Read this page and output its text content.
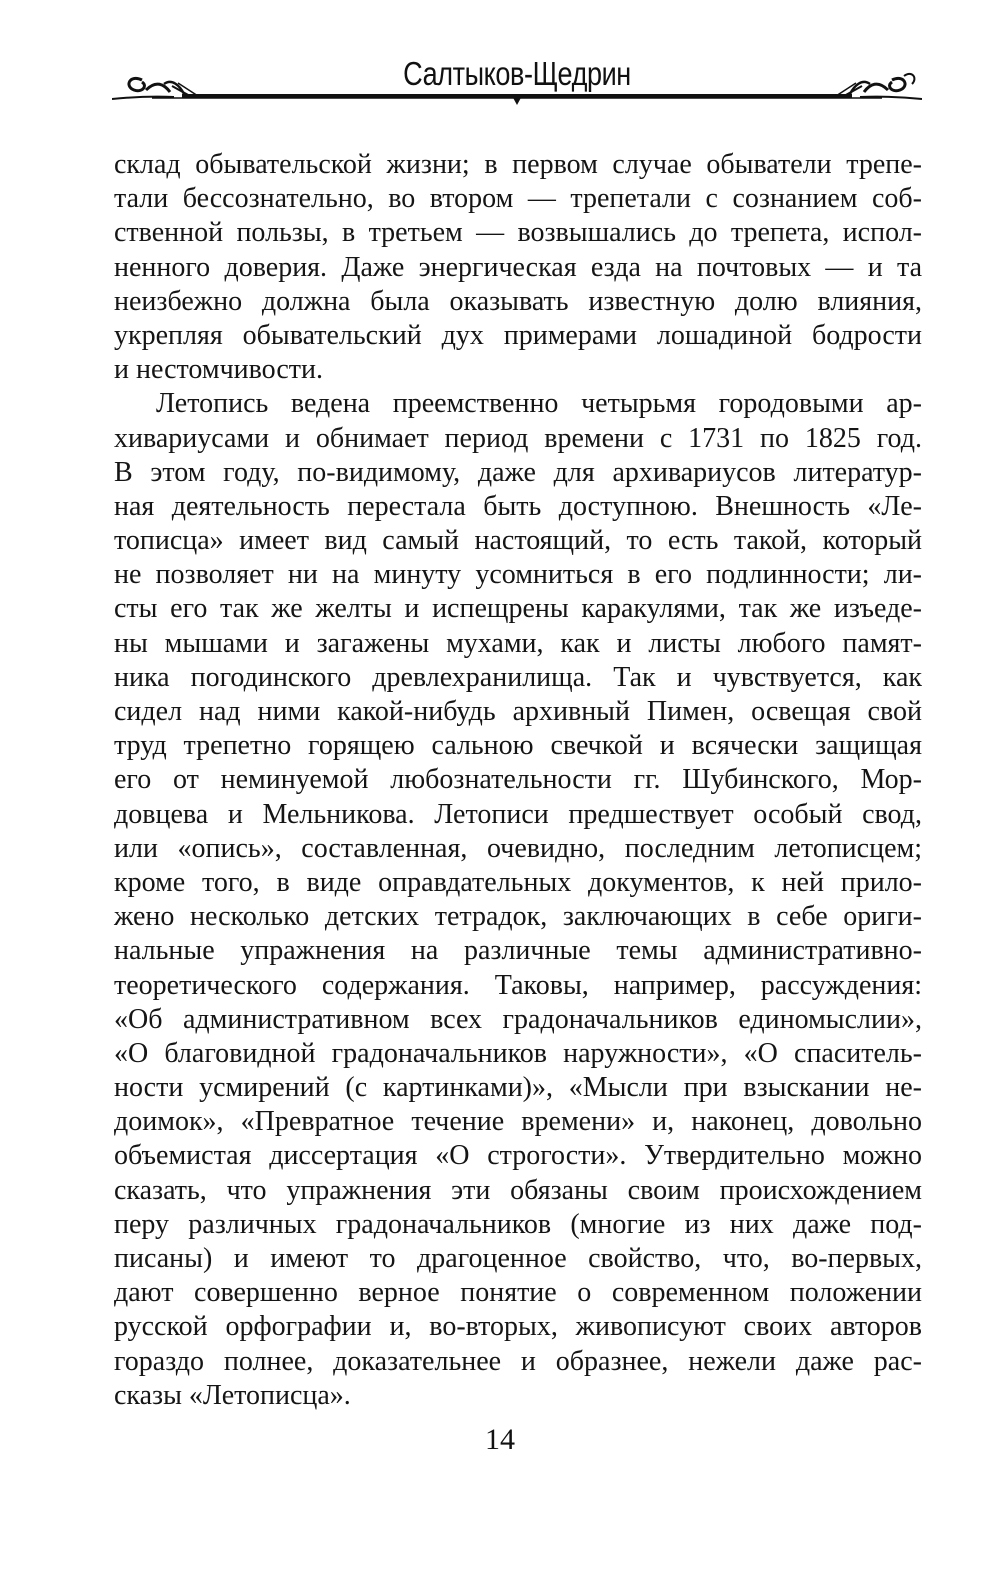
Салтыков-Щедрин
склад обывательской жизни; в первом случае обыватели трепе-
тали бессознательно, во втором — трепетали с сознанием соб-
ственной пользы, в третьем — возвышались до трепета, испол-
ненного доверия. Даже энергическая езда на почтовых — и та
неизбежно должна была оказывать известную долю влияния,
укрепляя обывательский дух примерами лошадиной бодрости
и нестомчивости.
Летопись ведена преемственно четырьмя городовыми ар-
хивариусами и обнимает период времени с 1731 по 1825 год.
В этом году, по-видимому, даже для архивариусов литератур-
ная деятельность перестала быть доступною. Внешность «Ле-
тописца» имеет вид самый настоящий, то есть такой, который
не позволяет ни на минуту усомниться в его подлинности; ли-
сты его так же желты и испещрены каракулями, так же изъеде-
ны мышами и загажены мухами, как и листы любого памят-
ника погодинского древлехранилища. Так и чувствуется, как
сидел над ними какой-нибудь архивный Пимен, освещая свой
труд трепетно горящею сальною свечкой и всячески защищая
его от неминуемой любознательности гг. Шубинского, Мор-
довцева и Мельникова. Летописи предшествует особый свод,
или «опись», составленная, очевидно, последним летописцем;
кроме того, в виде оправдательных документов, к ней прило-
жено несколько детских тетрадок, заключающих в себе ориги-
нальные упражнения на различные темы административно-
теоретического содержания. Таковы, например, рассуждения:
«Об административном всех градоначальников единомыслии»,
«О благовидной градоначальников наружности», «О спаситель-
ности усмирений (с картинками)», «Мысли при взыскании не-
доимок», «Превратное течение времени» и, наконец, довольно
объемистая диссертация «О строгости». Утвердительно можно
сказать, что упражнения эти обязаны своим происхождением
перу различных градоначальников (многие из них даже под-
писаны) и имеют то драгоценное свойство, что, во-первых,
дают совершенно верное понятие о современном положении
русской орфографии и, во-вторых, живописуют своих авторов
гораздо полнее, доказательнее и образнее, нежели даже рас-
сказы «Летописца».
14
